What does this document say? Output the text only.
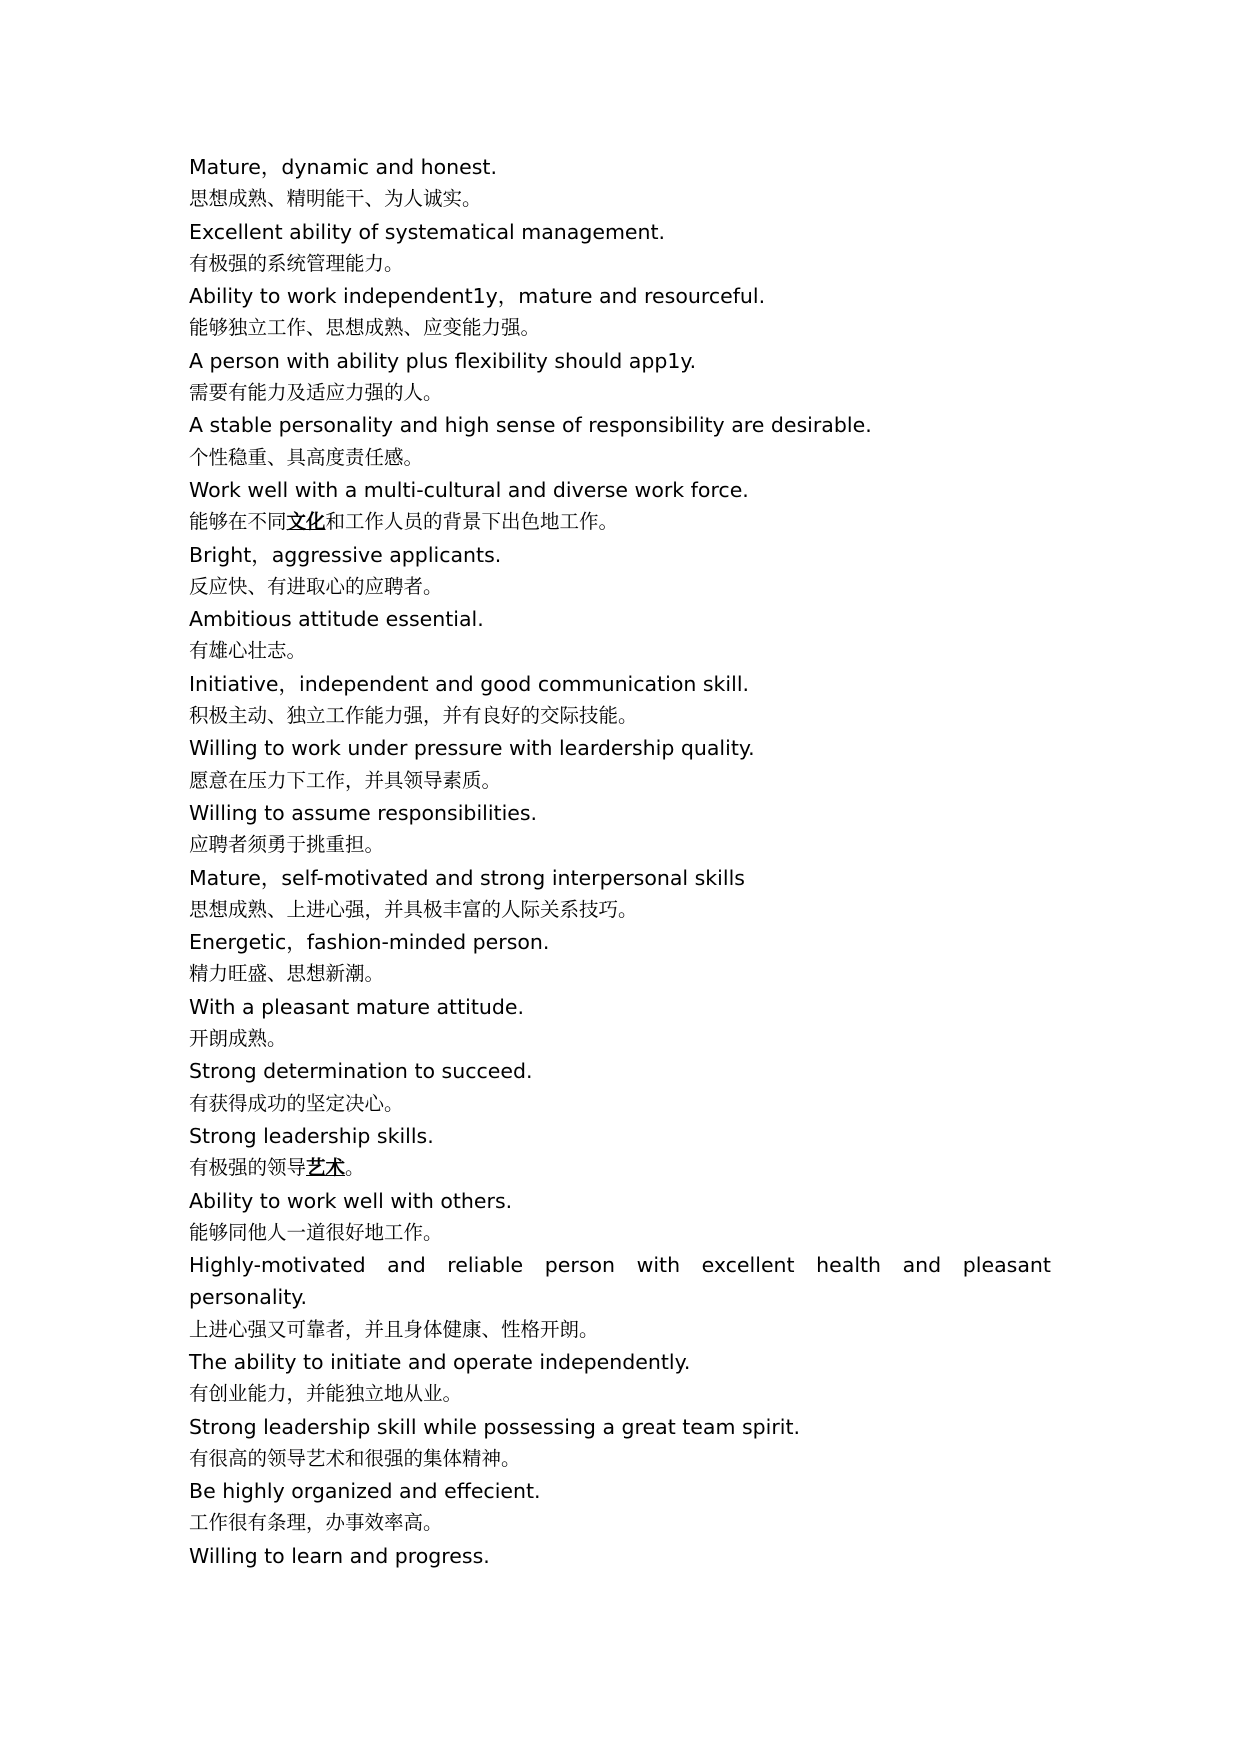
Mature，dynamic and honest.
思想成熟、精明能干、为人诚实。
Excellent ability of systematical management.
有极强的系统管理能力。
Ability to work independent1y，mature and resourceful.
能够独立工作、思想成熟、应变能力强。
A person with ability plus flexibility should app1y.
需要有能力及适应力强的人。
A stable personality and high sense of responsibility are desirable.
个性稳重、具高度责任感。
Work well with a multi-cultural and diverse work force.
能够在不同文化和工作人员的背景下出色地工作。
Bright，aggressive applicants.
反应快、有进取心的应聘者。
Ambitious attitude essential.
有雄心壮志。
Initiative，independent and good communication skill.
积极主动、独立工作能力强，并有良好的交际技能。
Willing to work under pressure with leardership quality.
愿意在压力下工作，并具领导素质。
Willing to assume responsibilities.
应聘者须勇于挑重担。
Mature，self-motivated and strong interpersonal skills
思想成熟、上进心强，并具极丰富的人际关系技巧。
Energetic，fashion-minded person.
精力旺盛、思想新潮。
With a pleasant mature attitude.
开朗成熟。
Strong determination to succeed.
有获得成功的坚定决心。
Strong leadership skills.
有极强的领导艺术。
Ability to work well with others.
能够同他人一道很好地工作。
Highly-motivated and reliable person with excellent health and pleasant
personality.
上进心强又可靠者，并且身体健康、性格开朗。
The ability to initiate and operate independently.
有创业能力，并能独立地从业。
Strong leadership skill while possessing a great team spirit.
有很高的领导艺术和很强的集体精神。
Be highly organized and effecient.
工作很有条理，办事效率高。
Willing to learn and progress.
